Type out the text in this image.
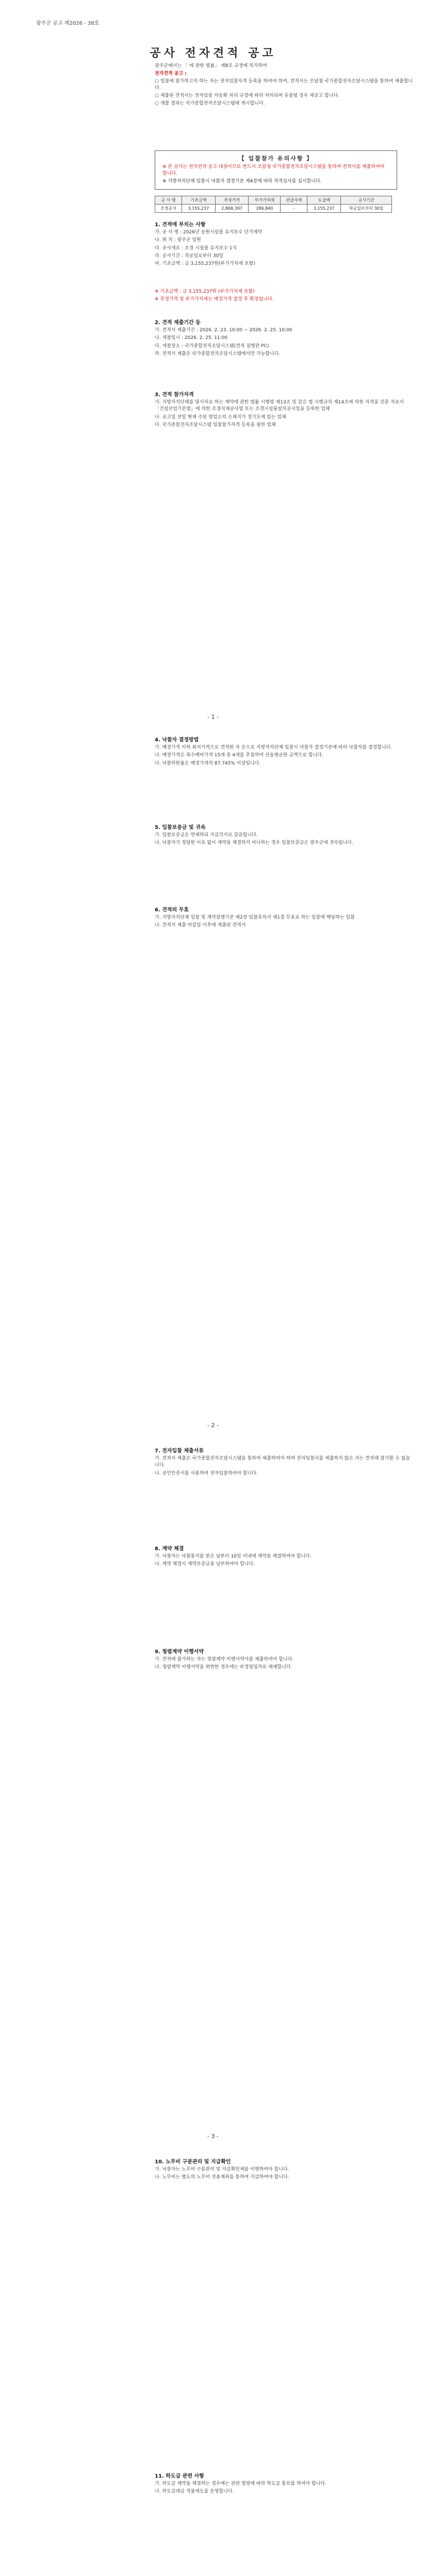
광주군 공고 제2026 - 38호
공사 전자견적 공고

광주군에서는 「 에 관한 법률」 제8조 규정에 의거하여

전자견적 공고 :

○ 입찰에 참가하고자 하는 자는 전자입찰자격 등록을 하여야 하며, 견적서는 조달청 국가종합전자조달시스템을 통하여 제출합니다.

○ 제출된 견적서는 전자입찰 자동화 처리 규정에 따라 처리되며 유찰될 경우 재공고 합니다.

○ 개찰 결과는 국가종합전자조달시스템에 게시합니다.

【 입찰참가 유의사항 】

※ 본 공사는 전자견적 공고 대상이므로 반드시 조달청 국가종합전자조달시스템을 통하여 견적서를 제출하여야 합니다.

※ 지방자치단체 입찰시 낙찰자 결정기준 제4장에 따라 적격심사를 실시합니다.

공 사 명	기초금액	추정가격	부가가치세	관급자재	도급액	공사기간
조경공사	3,155,237	2,868,397	286,840	-	3,155,237	착공일로부터 30일
1. 견적에 부치는 사항

가. 공 사 명 : 2026년 공원시설물 유지보수 단가계약

나. 위 치 : 광주군 일원

다. 공사개요 : 조경 시설물 유지보수 1식

라. 공사기간 : 착공일로부터 30일

마. 기초금액 : 금 3,155,237원(부가가치세 포함)

※ 기초금액 : 금 3,155,237원 (부가가치세 포함)

※ 추정가격 및 부가가치세는 예정가격 결정 후 확정됩니다.

2. 견적 제출기간 등

가. 견적서 제출기간 : 2026. 2. 23. 10:00 ~ 2026. 2. 25. 10:00

나. 개찰일시 : 2026. 2. 25. 11:00

다. 개찰장소 : 국가종합전자조달시스템(견적 집행관 PC)

라. 견적서 제출은 국가종합전자조달시스템에서만 가능합니다.

3. 견적 참가자격

가. 지방자치단체를 당사자로 하는 계약에 관한 법률 시행령 제13조 및 같은 법 시행규칙 제14조에 의한 자격을 갖춘 자로서 「건설산업기본법」에 의한 조경식재공사업 또는 조경시설물설치공사업을 등록한 업체

나. 공고일 전일 현재 주된 영업소의 소재지가 경기도에 있는 업체

다. 국가종합전자조달시스템 입찰참가자격 등록을 필한 업체

- 1 -
4. 낙찰자 결정방법

가. 예정가격 이하 최저가격으로 견적한 자 순으로 지방자치단체 입찰시 낙찰자 결정기준에 따라 낙찰자를 결정합니다.

나. 예정가격은 복수예비가격 15개 중 4개를 추첨하여 산술평균한 금액으로 합니다.

다. 낙찰하한율은 예정가격의 87.745% 이상입니다.

5. 입찰보증금 및 귀속

가. 입찰보증금은 면제하되 지급각서로 갈음합니다.

나. 낙찰자가 정당한 이유 없이 계약을 체결하지 아니하는 경우 입찰보증금은 광주군에 귀속됩니다.

6. 견적의 무효

가. 지방자치단체 입찰 및 계약집행기준 제2장 입찰유의서 제1절 무효로 하는 입찰에 해당하는 입찰

나. 견적서 제출 마감일 이후에 제출된 견적서

- 2 -
7. 전자입찰 제출서류

가. 견적서 제출은 국가종합전자조달시스템을 통하여 제출하여야 하며 전자입찰서를 제출하지 않은 자는 견적에 참가할 수 없습니다.

나. 공인인증서를 사용하여 전자입찰하여야 합니다.

8. 계약 체결

가. 낙찰자는 낙찰통지를 받은 날부터 10일 이내에 계약을 체결하여야 합니다.

나. 계약 체결시 계약보증금을 납부하여야 합니다.

9. 청렴계약 이행서약

가. 견적에 참가하는 자는 청렴계약 이행서약서를 제출하여야 합니다.

나. 청렴계약 이행서약을 위반한 경우에는 부정당업자로 제재합니다.

- 3 -
10. 노무비 구분관리 및 지급확인

가. 낙찰자는 노무비 구분관리 및 지급확인제를 이행하여야 합니다.

나. 노무비는 별도의 노무비 전용계좌를 통하여 지급하여야 합니다.

11. 하도급 관련 사항

가. 하도급 계약을 체결하는 경우에는 관련 법령에 따라 하도급 통보를 하여야 합니다.

나. 하도급대금 직불제도를 운영합니다.
